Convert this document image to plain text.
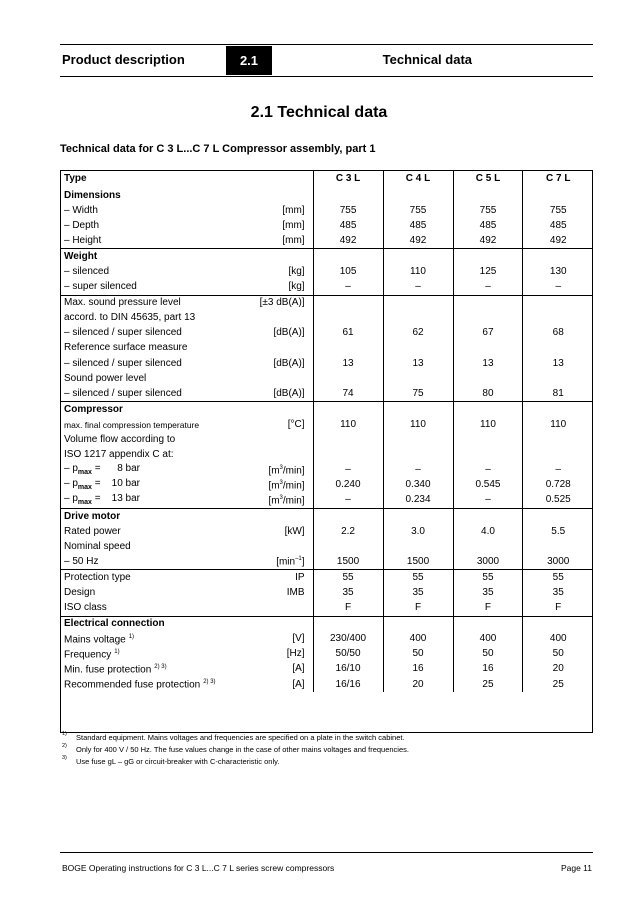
Product description	2.1	Technical data
2.1 Technical data

Technical data for C 3 L...C 7 L Compressor assembly, part 1

Type		C 3 L	C 4 L	C 5 L	C 7 L
Dimensions					
– Width	[mm]	755	755	755	755
– Depth	[mm]	485	485	485	485
– Height	[mm]	492	492	492	492
Weight					
– silenced	[kg]	105	110	125	130
– super silenced	[kg]	–	–	–	–
Max. sound pressure level	[±3 dB(A)]				
accord. to DIN 45635, part 13					
– silenced / super silenced	[dB(A)]	61	62	67	68
Reference surface measure					
– silenced / super silenced	[dB(A)]	13	13	13	13
Sound power level					
– silenced / super silenced	[dB(A)]	74	75	80	81
Compressor					
max. final compression temperature	[°C]	110	110	110	110
Volume flow according to					
ISO 1217 appendix C at:					
– $p_{max}$ =      8 bar	$[m^3/\min]$	–	–	–	–
– $p_{max}$ =    10 bar	$[m^3/\min]$	0.240	0.340	0.545	0.728
– $p_{max}$ =    13 bar	$[m^3/\min]$	–	0.234	–	0.525
Drive motor					
Rated power	[kW]	2.2	3.0	4.0	5.5
Nominal speed					
– 50 Hz	$[\min^{-1}]$	1500	1500	3000	3000
Protection type	IP	55	55	55	55
Design	IMB	35	35	35	35
ISO class		F	F	F	F
Electrical connection					
Mains voltage $^{1)}$	[V]	230/400	400	400	400
Frequency $^{1)}$	[Hz]	50/50	50	50	50
Min. fuse protection $^{2) 3)}$	[A]	16/10	16	16	20
Recommended fuse protection $^{2) 3)}$	[A]	16/16	20	25	25
$^{1)}$ Standard equipment. Mains voltages and frequencies are specified on a plate in the switch cabinet.
$^{2)}$ Only for 400 V / 50 Hz. The fuse values change in the case of other mains voltages and frequencies.
$^{3)}$ Use fuse gL – gG or circuit-breaker with C-characteristic only.
BOGE Operating instructions for C 3 L...C 7 L series screw compressors	Page 11
